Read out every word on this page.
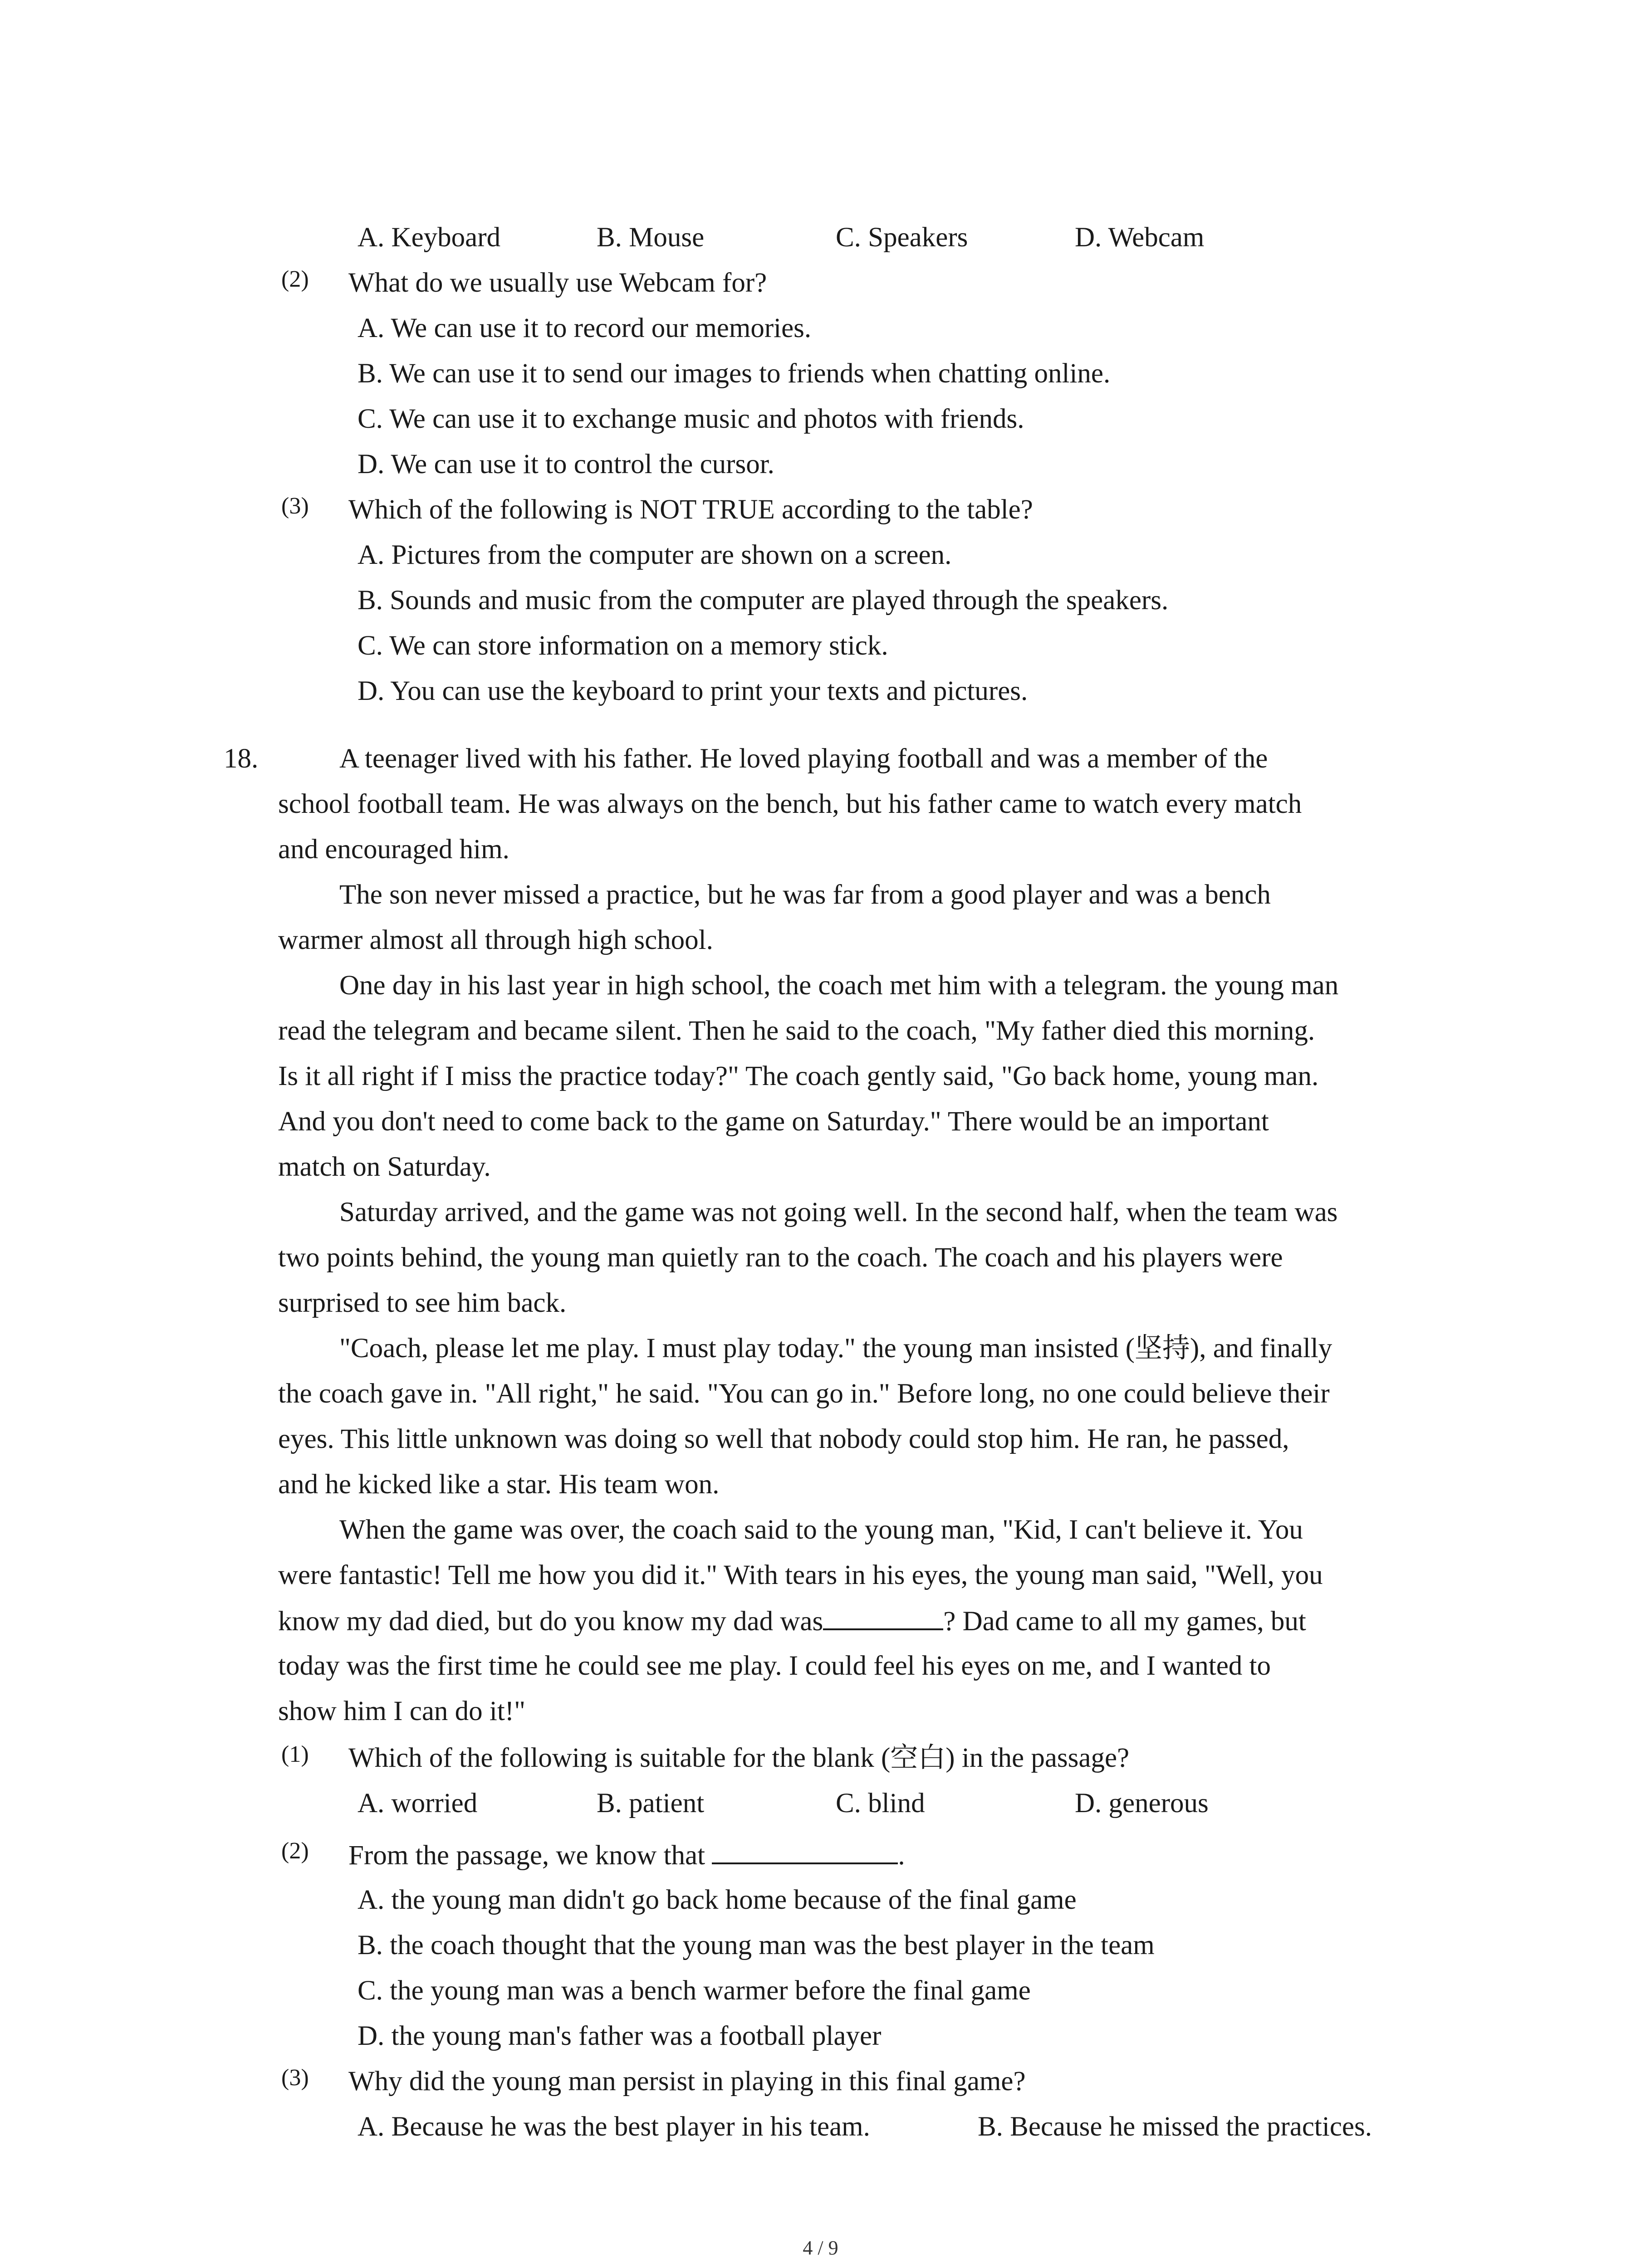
A. Keyboard	B. Mouse	C. Speakers	D. Webcam
(2) What do we usually use Webcam for?
A. We can use it to record our memories.
B. We can use it to send our images to friends when chatting online.
C. We can use it to exchange music and photos with friends.
D. We can use it to control the cursor.
(3) Which of the following is NOT TRUE according to the table?
A. Pictures from the computer are shown on a screen.
B. Sounds and music from the computer are played through the speakers.
C. We can store information on a memory stick.
D. You can use the keyboard to print your texts and pictures.
18.	A teenager lived with his father. He loved playing football and was a member of the
school football team. He was always on the bench, but his father came to watch every match
and encouraged him.
The son never missed a practice, but he was far from a good player and was a bench
warmer almost all through high school.
One day in his last year in high school, the coach met him with a telegram. the young man
read the telegram and became silent. Then he said to the coach, "My father died this morning.
Is it all right if I miss the practice today?" The coach gently said, "Go back home, young man.
And you don't need to come back to the game on Saturday." There would be an important
match on Saturday.
Saturday arrived, and the game was not going well. In the second half, when the team was
two points behind, the young man quietly ran to the coach. The coach and his players were
surprised to see him back.
"Coach, please let me play. I must play today." the young man insisted (坚持), and finally
the coach gave in. "All right," he said. "You can go in." Before long, no one could believe their
eyes. This little unknown was doing so well that nobody could stop him. He ran, he passed,
and he kicked like a star. His team won.
When the game was over, the coach said to the young man, "Kid, I can't believe it. You
were fantastic! Tell me how you did it." With tears in his eyes, the young man said, "Well, you
know my dad died, but do you know my dad was	? Dad came to all my games, but
today was the first time he could see me play. I could feel his eyes on me, and I wanted to
show him I can do it!"
(1) Which of the following is suitable for the blank (空白) in the passage?
A. worried	B. patient	C. blind	D. generous
(2) From the passage, we know that	.
A. the young man didn't go back home because of the final game
B. the coach thought that the young man was the best player in the team
C. the young man was a bench warmer before the final game
D. the young man's father was a football player
(3) Why did the young man persist in playing in this final game?
A. Because he was the best player in his team.	B. Because he missed the practices.
4 / 9
